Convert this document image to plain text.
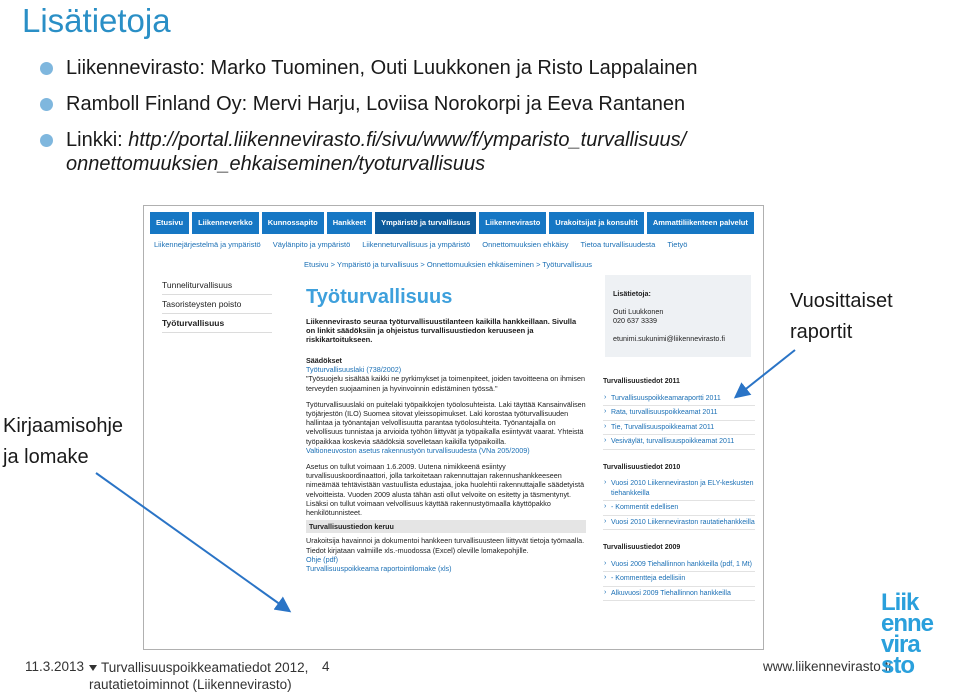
Lisätietoja
Liikennevirasto: Marko Tuominen, Outi Luukkonen ja Risto Lappalainen
Ramboll Finland Oy: Mervi Harju, Loviisa Norokorpi ja Eeva Rantanen
Linkki: http://portal.liikennevirasto.fi/sivu/www/f/ymparisto_turvallisuus/
onnettomuuksien_ehkaiseminen/tyoturvallisuus
Etusivu	Liikenneverkko	Kunnossapito	Hankkeet	Ympäristö ja turvallisuus	Liikennevirasto	Urakoitsijat ja konsultit	Ammattiliikenteen palvelut
Liikennejärjestelmä ja ympäristö Väylänpito ja ympäristö Liikenneturvallisuus ja ympäristö Onnettomuuksien ehkäisy Tietoa turvallisuudesta Tietyö
Etusivu > Ympäristö ja turvallisuus > Onnettomuuksien ehkäiseminen > Työturvallisuus
Tunneliturvallisuus
Tasoristeysten poisto
Työturvallisuus
Työturvallisuus
Liikennevirasto seuraa työturvallisuustilanteen kaikilla hankkeillaan. Sivulla on linkit säädöksiin ja ohjeistus turvallisuustiedon keruuseen ja riskikartoitukseen.
Säädökset
Työturvallisuuslaki (738/2002)
"Työsuojelu sisältää kaikki ne pyrkimykset ja toimenpiteet, joiden tavoitteena on ihmisen terveyden suojaaminen ja hyvinvoinnin edistäminen työssä."
Työturvallisuuslaki on puitelaki työpaikkojen työolosuhteista. Laki täyttää Kansainvälisen työjärjestön (ILO) Suomea sitovat yleissopimukset. Laki korostaa työturvallisuuden hallintaa ja työnantajan velvollisuutta parantaa työolosuhteita. Työnantajalla on velvollisuus tunnistaa ja arvioida työhön liittyvät ja työpaikalla esiintyvät vaarat. Yhteistä työpaikkaa koskevia säädöksiä sovelletaan kaikilla työpaikoilla.
Valtioneuvoston asetus rakennustyön turvallisuudesta (VNa 205/2009)
Asetus on tullut voimaan 1.6.2009. Uutena nimikkeenä esiintyy turvallisuuskoordinaattori, jolla tarkoitetaan rakennuttajan rakennushankkeeseen nimeämää tehtävistään vastuullista edustajaa, joka huolehtii rakennuttajalle säädetyistä velvoitteista. Vuoden 2009 alusta tähän asti ollut velvoite on esitetty ja täsmentynyt. Lisäksi on tullut voimaan velvollisuus käyttää rakennustyömaalla käyttöpakko henkilötunnisteet.
Turvallisuustiedon keruu
Urakoitsija havainnoi ja dokumentoi hankkeen turvallisuusteen liittyvät tietoja työmaalla. Tiedot kirjataan valmiille xls.-muodossa (Excel) oleville lomakepohjille.
Ohje (pdf)
Turvallisuuspoikkeama raportointilomake (xls)
Lisätietoja:
Outi Luukkonen
020 637 3339
etunimi.sukunimi@liikennevirasto.fi
Turvallisuustiedot 2011
› Turvallisuuspoikkeamaraportti 2011
› Rata, turvallisuuspoikkeamat 2011
› Tie, Turvallisuuspoikkeamat 2011
› Vesiväylät, turvallisuuspoikkeamat 2011
Turvallisuustiedot 2010
› Vuosi 2010 Liikenneviraston ja ELY-keskusten tiehankkeilla
› - Kommentit edellisen
› Vuosi 2010 Liikenneviraston rautatiehankkeilla
Turvallisuustiedot 2009
› Vuosi 2009 Tiehallinnon hankkeilla (pdf, 1 Mt)
› - Kommentteja edellisiin
› Alkuvuosi 2009 Tiehallinnon hankkeilla
Vuosittaiset raportit
Kirjaamisohje ja lomake
11.3.2013	Turvallisuuspoikkeamatiedot 2012,
rautatietoiminnot (Liikennevirasto)
4	www.liikennevirasto.fi
Liik
enne
vira
sto
